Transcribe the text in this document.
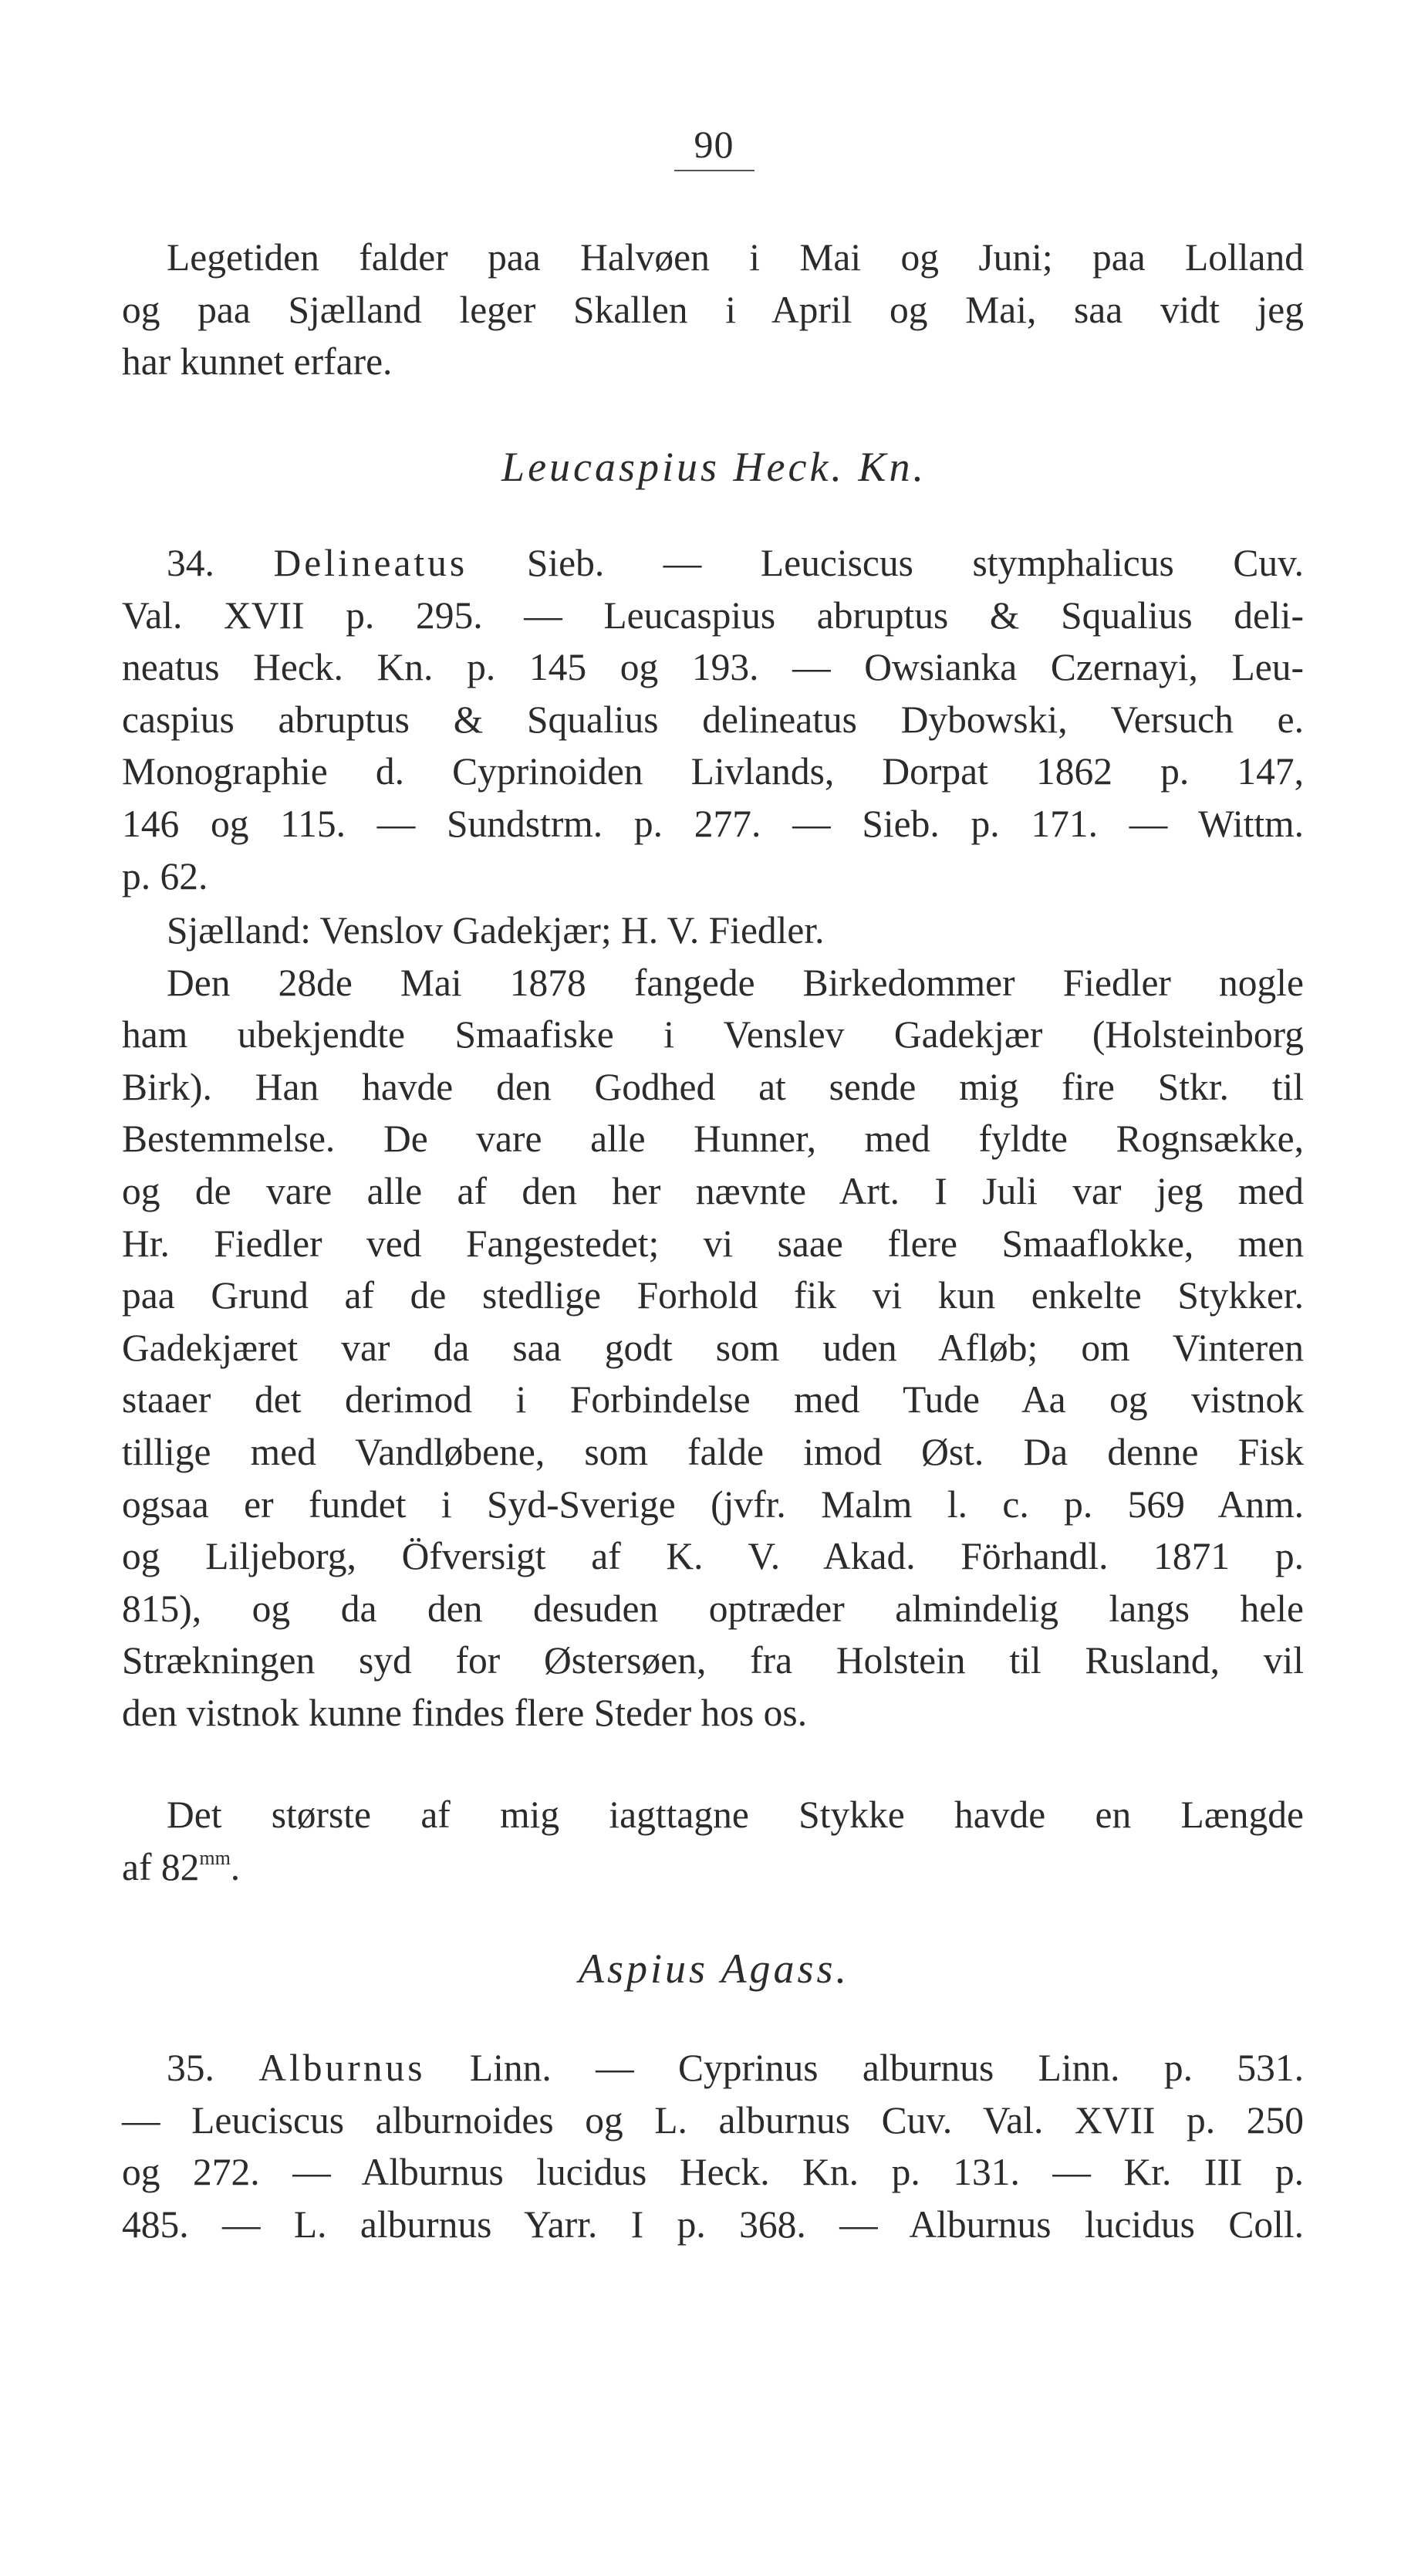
90
Legetiden falder paa Halvøen i Mai og Juni; paa Lolland
og paa Sjælland leger Skallen i April og Mai, saa vidt jeg
har kunnet erfare.
Leucaspius Heck. Kn.
34. Delineatus Sieb. — Leuciscus stymphalicus Cuv.
Val. XVII p. 295. — Leucaspius abruptus & Squalius deli-
neatus Heck. Kn. p. 145 og 193. — Owsianka Czernayi, Leu-
caspius abruptus & Squalius delineatus Dybowski, Versuch e.
Monographie d. Cyprinoiden Livlands, Dorpat 1862 p. 147,
146 og 115. — Sundstrm. p. 277. — Sieb. p. 171. — Wittm.
p. 62.
Sjælland: Venslov Gadekjær; H. V. Fiedler.
Den 28de Mai 1878 fangede Birkedommer Fiedler nogle
ham ubekjendte Smaafiske i Venslev Gadekjær (Holsteinborg
Birk). Han havde den Godhed at sende mig fire Stkr. til
Bestemmelse. De vare alle Hunner, med fyldte Rognsække,
og de vare alle af den her nævnte Art. I Juli var jeg med
Hr. Fiedler ved Fangestedet; vi saae flere Smaaflokke, men
paa Grund af de stedlige Forhold fik vi kun enkelte Stykker.
Gadekjæret var da saa godt som uden Afløb; om Vinteren
staaer det derimod i Forbindelse med Tude Aa og vistnok
tillige med Vandløbene, som falde imod Øst. Da denne Fisk
ogsaa er fundet i Syd-Sverige (jvfr. Malm l. c. p. 569 Anm.
og Liljeborg, Öfversigt af K. V. Akad. Förhandl. 1871 p.
815), og da den desuden optræder almindelig langs hele
Strækningen syd for Østersøen, fra Holstein til Rusland, vil
den vistnok kunne findes flere Steder hos os.
Det største af mig iagttagne Stykke havde en Længde
af $82^{mm}$.
Aspius Agass.
35. Alburnus Linn. — Cyprinus alburnus Linn. p. 531.
— Leuciscus alburnoides og L. alburnus Cuv. Val. XVII p. 250
og 272. — Alburnus lucidus Heck. Kn. p. 131. — Kr. III p.
485. — L. alburnus Yarr. I p. 368. — Alburnus lucidus Coll.
